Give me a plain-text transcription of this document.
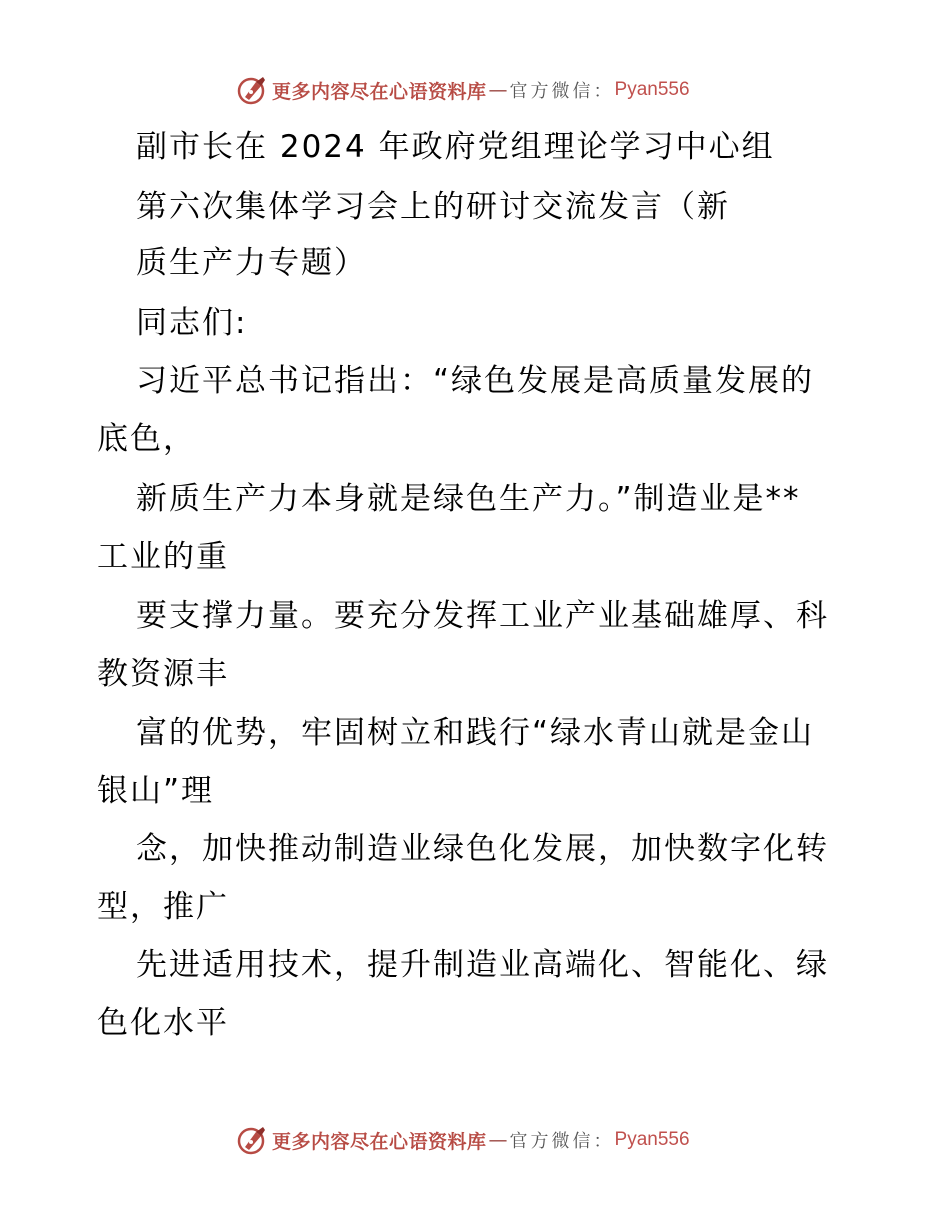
更多内容尽在心语资料库 — 官方微信： Pyan556
副市长在 2024 年政府党组理论学习中心组
第六次集体学习会上的研讨交流发言（新
质生产力专题）
同志们:
习近平总书记指出：“绿色发展是高质量发展的
底色，
新质生产力本身就是绿色生产力。”制造业是**
工业的重
要支撑力量。要充分发挥工业产业基础雄厚、科
教资源丰
富的优势，牢固树立和践行“绿水青山就是金山
银山”理
念，加快推动制造业绿色化发展，加快数字化转
型，推广
先进适用技术，提升制造业高端化、智能化、绿
色化水平
更多内容尽在心语资料库 — 官方微信： Pyan556
